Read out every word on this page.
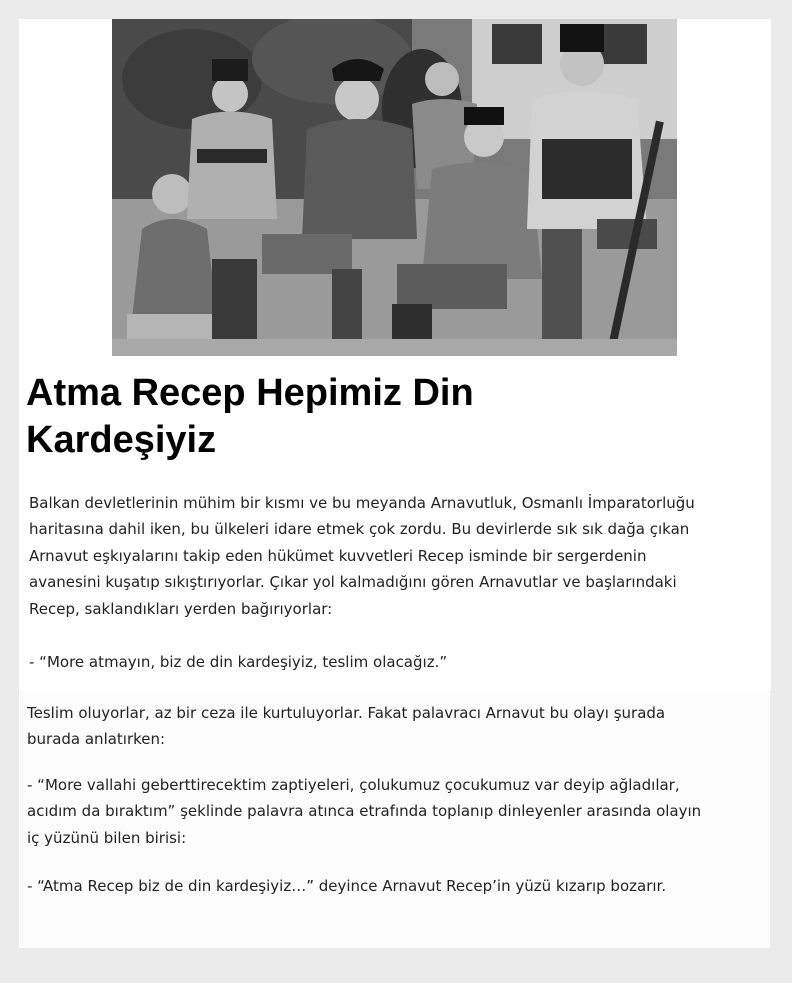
Atma Recep Hepimiz Din
Kardeşiyiz
Balkan devletlerinin mühim bir kısmı ve bu meyanda Arnavutluk, Osmanlı İmparatorluğu
haritasına dahil iken, bu ülkeleri idare etmek çok zordu. Bu devirlerde sık sık dağa çıkan
Arnavut eşkıyalarını takip eden hükümet kuvvetleri Recep isminde bir sergerdenin
avanesini kuşatıp sıkıştırıyorlar. Çıkar yol kalmadığını gören Arnavutlar ve başlarındaki
Recep, saklandıkları yerden bağırıyorlar:
- “More atmayın, biz de din kardeşiyiz, teslim olacağız.”
Teslim oluyorlar, az bir ceza ile kurtuluyorlar. Fakat palavracı Arnavut bu olayı şurada
burada anlatırken:
- “More vallahi geberttirecektim zaptiyeleri, çolukumuz çocukumuz var deyip ağladılar,
acıdım da bıraktım” şeklinde palavra atınca etrafında toplanıp dinleyenler arasında olayın
iç yüzünü bilen birisi:
- “Atma Recep biz de din kardeşiyiz…” deyince Arnavut Recep’in yüzü kızarıp bozarır.
